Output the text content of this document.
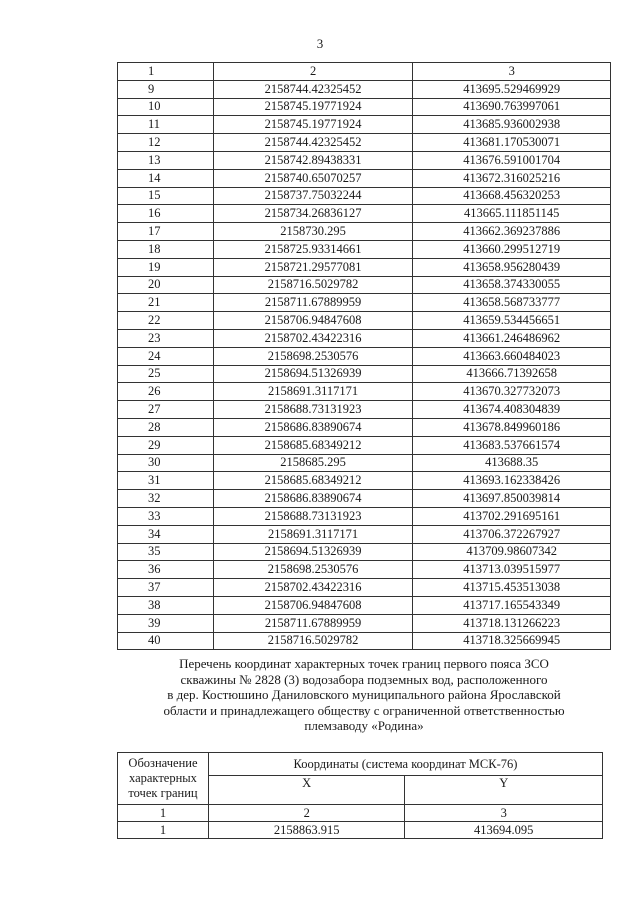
3
1	2	3
9	2158744.42325452	413695.529469929
10	2158745.19771924	413690.763997061
11	2158745.19771924	413685.936002938
12	2158744.42325452	413681.170530071
13	2158742.89438331	413676.591001704
14	2158740.65070257	413672.316025216
15	2158737.75032244	413668.456320253
16	2158734.26836127	413665.111851145
17	2158730.295	413662.369237886
18	2158725.93314661	413660.299512719
19	2158721.29577081	413658.956280439
20	2158716.5029782	413658.374330055
21	2158711.67889959	413658.568733777
22	2158706.94847608	413659.534456651
23	2158702.43422316	413661.246486962
24	2158698.2530576	413663.660484023
25	2158694.51326939	413666.71392658
26	2158691.3117171	413670.327732073
27	2158688.73131923	413674.408304839
28	2158686.83890674	413678.849960186
29	2158685.68349212	413683.537661574
30	2158685.295	413688.35
31	2158685.68349212	413693.162338426
32	2158686.83890674	413697.850039814
33	2158688.73131923	413702.291695161
34	2158691.3117171	413706.372267927
35	2158694.51326939	413709.98607342
36	2158698.2530576	413713.039515977
37	2158702.43422316	413715.453513038
38	2158706.94847608	413717.165543349
39	2158711.67889959	413718.131266223
40	2158716.5029782	413718.325669945
Перечень координат характерных точек границ первого пояса ЗСО
скважины № 2828 (3) водозабора подземных вод, расположенного
в дер. Костюшино Даниловского муниципального района Ярославской
области и принадлежащего обществу с ограниченной ответственностью
племзаводу «Родина»
Обозначение
характерных
точек границ	Координаты (система координат МСК-76)	
	X	Y
1	2	3
1	2158863.915	413694.095
